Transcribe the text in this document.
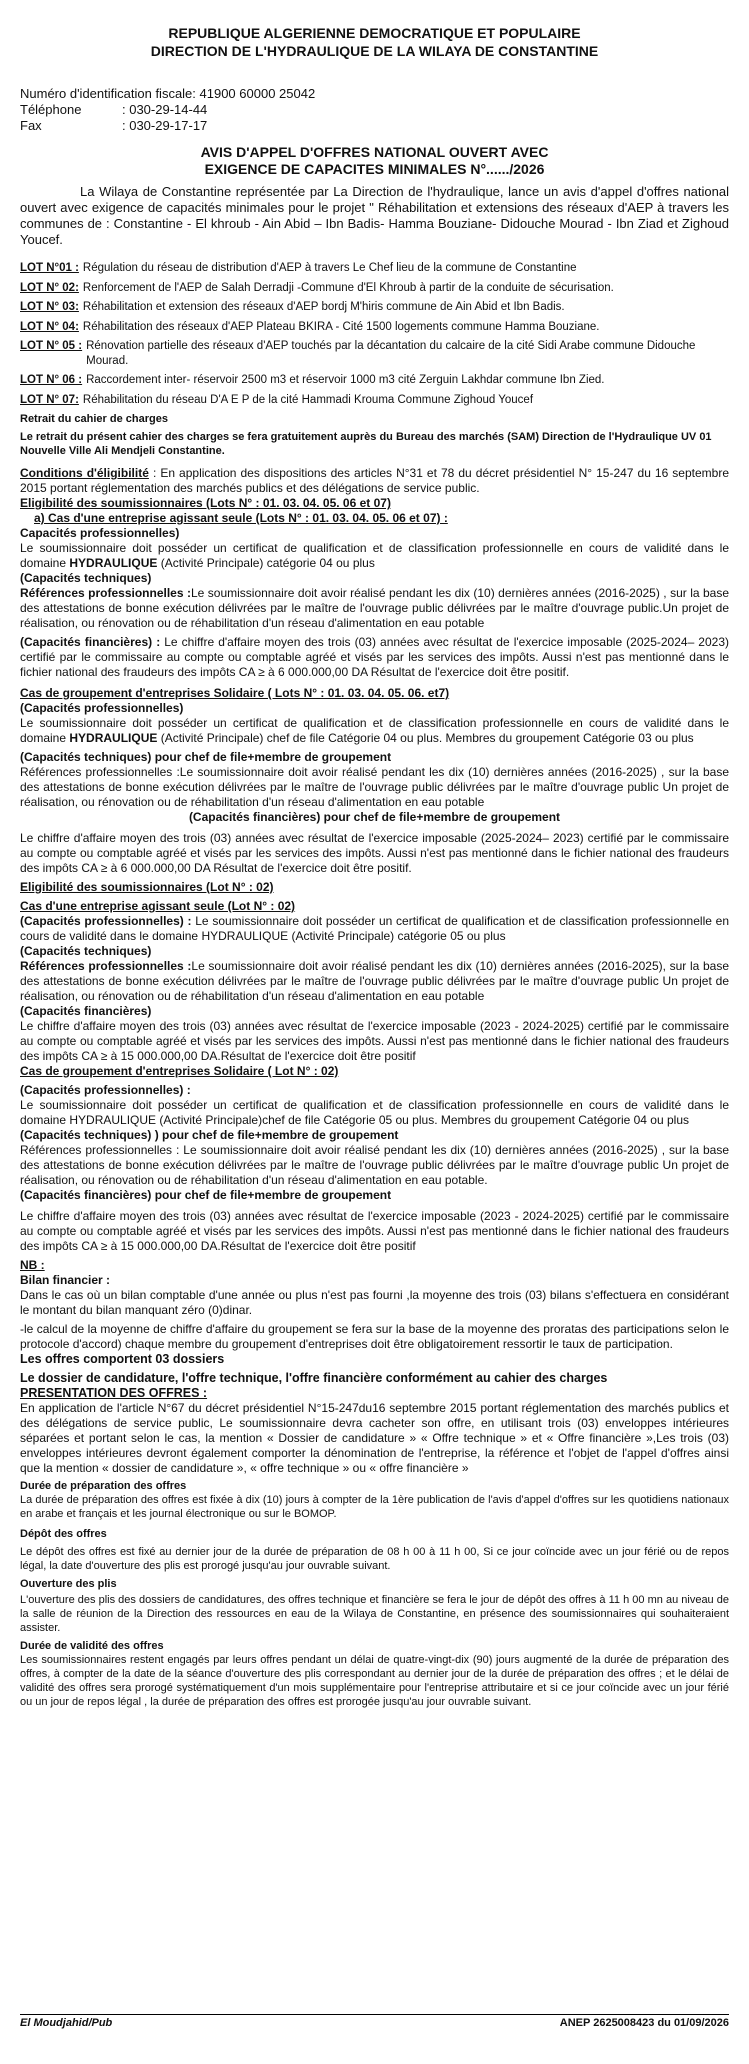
REPUBLIQUE ALGERIENNE DEMOCRATIQUE ET POPULAIRE
DIRECTION DE L'HYDRAULIQUE DE LA WILAYA DE CONSTANTINE
Numéro d'identification fiscale: 41900 60000 25042
Téléphone	: 030-29-14-44
Fax	: 030-29-17-17
AVIS D'APPEL D'OFFRES NATIONAL OUVERT AVEC
EXIGENCE DE CAPACITES MINIMALES N°....../2026

La Wilaya de Constantine représentée par La Direction de l'hydraulique, lance un avis d'appel d'offres national ouvert avec exigence de capacités minimales pour le projet " Réhabilitation et extensions des réseaux d'AEP à travers les communes de : Constantine - El khroub - Ain Abid – Ibn Badis- Hamma Bouziane- Didouche Mourad - Ibn Ziad et Zighoud Youcef.

LOT N°01 : Régulation du réseau de distribution d'AEP à travers Le Chef lieu de la commune de Constantine
LOT N° 02: Renforcement de l'AEP de Salah Derradji -Commune d'El Khroub à partir de la conduite de sécurisation.
LOT N° 03: Réhabilitation et extension des réseaux d'AEP bordj M'hiris commune de Ain Abid et Ibn Badis.
LOT N° 04: Réhabilitation des réseaux d'AEP Plateau BKIRA - Cité 1500 logements commune Hamma Bouziane.
LOT N° 05 : Rénovation partielle des réseaux d'AEP touchés par la décantation du calcaire de la cité Sidi Arabe commune Didouche Mourad.
LOT N° 06 : Raccordement inter- réservoir 2500 m3 et réservoir 1000 m3 cité Zerguin Lakhdar commune Ibn Zied.
LOT N° 07: Réhabilitation du réseau D'A E P de la cité Hammadi Krouma Commune Zighoud Youcef
Retrait du cahier de charges
Le retrait du présent cahier des charges se fera gratuitement auprès du Bureau des marchés (SAM) Direction de l'Hydraulique UV 01 Nouvelle Ville Ali Mendjeli Constantine.
Conditions d'éligibilité : En application des dispositions des articles N°31 et 78 du décret présidentiel N° 15-247 du 16 septembre 2015 portant réglementation des marchés publics et des délégations de service public.
Eligibilité des soumissionnaires (Lots N° : 01. 03. 04. 05. 06 et 07)
a) Cas d'une entreprise agissant seule (Lots N° : 01. 03. 04. 05. 06 et 07) :
Capacités professionnelles)
Le soumissionnaire doit posséder un certificat de qualification et de classification professionnelle en cours de validité dans le domaine HYDRAULIQUE (Activité Principale) catégorie 04 ou plus
(Capacités techniques)
Références professionnelles :Le soumissionnaire doit avoir réalisé pendant les dix (10) dernières années (2016-2025) , sur la base des attestations de bonne exécution délivrées par le maître de l'ouvrage public délivrées par le maître d'ouvrage public.Un projet de réalisation, ou rénovation ou de réhabilitation d'un réseau d'alimentation en eau potable
(Capacités financières) : Le chiffre d'affaire moyen des trois (03) années avec résultat de l'exercice imposable (2025-2024– 2023) certifié par le commissaire au compte ou comptable agréé et visés par les services des impôts. Aussi n'est pas mentionné dans le fichier national des fraudeurs des impôts CA ≥ à 6 000.000,00 DA Résultat de l'exercice doit être positif.
Cas de groupement d'entreprises Solidaire ( Lots N° : 01. 03. 04. 05. 06. et7)
(Capacités professionnelles)
Le soumissionnaire doit posséder un certificat de qualification et de classification professionnelle en cours de validité dans le domaine HYDRAULIQUE (Activité Principale) chef de file Catégorie 04 ou plus. Membres du groupement Catégorie 03 ou plus
(Capacités techniques) pour chef de file+membre de groupement
Références professionnelles :Le soumissionnaire doit avoir réalisé pendant les dix (10) dernières années (2016-2025) , sur la base des attestations de bonne exécution délivrées par le maître de l'ouvrage public délivrées par le maître d'ouvrage public Un projet de réalisation, ou rénovation ou de réhabilitation d'un réseau d'alimentation en eau potable
(Capacités financières) pour chef de file+membre de groupement
Le chiffre d'affaire moyen des trois (03) années avec résultat de l'exercice imposable (2025-2024– 2023) certifié par le commissaire au compte ou comptable agréé et visés par les services des impôts. Aussi n'est pas mentionné dans le fichier national des fraudeurs des impôts CA ≥ à 6 000.000,00 DA Résultat de l'exercice doit être positif.
Eligibilité des soumissionnaires (Lot N° : 02)
Cas d'une entreprise agissant seule (Lot N° : 02)
(Capacités professionnelles) : Le soumissionnaire doit posséder un certificat de qualification et de classification professionnelle en cours de validité dans le domaine HYDRAULIQUE (Activité Principale) catégorie 05 ou plus
(Capacités techniques)
Références professionnelles :Le soumissionnaire doit avoir réalisé pendant les dix (10) dernières années (2016-2025), sur la base des attestations de bonne exécution délivrées par le maître de l'ouvrage public délivrées par le maître d'ouvrage public Un projet de réalisation, ou rénovation ou de réhabilitation d'un réseau d'alimentation en eau potable
(Capacités financières)
Le chiffre d'affaire moyen des trois (03) années avec résultat de l'exercice imposable (2023 - 2024-2025) certifié par le commissaire au compte ou comptable agréé et visés par les services des impôts. Aussi n'est pas mentionné dans le fichier national des fraudeurs des impôts CA ≥ à 15 000.000,00 DA.Résultat de l'exercice doit être positif
Cas de groupement d'entreprises Solidaire ( Lot N° : 02)
(Capacités professionnelles) :
Le soumissionnaire doit posséder un certificat de qualification et de classification professionnelle en cours de validité dans le domaine HYDRAULIQUE (Activité Principale)chef de file Catégorie 05 ou plus. Membres du groupement Catégorie 04 ou plus
(Capacités techniques) ) pour chef de file+membre de groupement
Références professionnelles : Le soumissionnaire doit avoir réalisé pendant les dix (10) dernières années (2016-2025) , sur la base des attestations de bonne exécution délivrées par le maître de l'ouvrage public délivrées par le maître d'ouvrage public Un projet de réalisation, ou rénovation ou de réhabilitation d'un réseau d'alimentation en eau potable.
(Capacités financières) pour chef de file+membre de groupement
Le chiffre d'affaire moyen des trois (03) années avec résultat de l'exercice imposable (2023 - 2024-2025) certifié par le commissaire au compte ou comptable agréé et visés par les services des impôts. Aussi n'est pas mentionné dans le fichier national des fraudeurs des impôts CA ≥ à 15 000.000,00 DA.Résultat de l'exercice doit être positif
NB :
Bilan financier :
Dans le cas où un bilan comptable d'une année ou plus n'est pas fourni ,la moyenne des trois (03) bilans s'effectuera en considérant le montant du bilan manquant zéro (0)dinar.
-le calcul de la moyenne de chiffre d'affaire du groupement se fera sur la base de la moyenne des proratas des participations selon le protocole d'accord) chaque membre du groupement d'entreprises doit être obligatoirement ressortir le taux de participation.
Les offres comportent 03 dossiers
Le dossier de candidature, l'offre technique, l'offre financière conformément au cahier des charges
PRESENTATION DES OFFRES :
En application de l'article N°67 du décret présidentiel N°15-247du16 septembre 2015 portant réglementation des marchés publics et des délégations de service public, Le soumissionnaire devra cacheter son offre, en utilisant trois (03) enveloppes intérieures séparées et portant selon le cas, la mention « Dossier de candidature » « Offre technique » et « Offre financière »,Les trois (03) enveloppes intérieures devront également comporter la dénomination de l'entreprise, la référence et l'objet de l'appel d'offres ainsi que la mention « dossier de candidature », « offre technique » ou « offre financière »
Durée de préparation des offres
La durée de préparation des offres est fixée à dix (10) jours à compter de la 1ère publication de l'avis d'appel d'offres sur les quotidiens nationaux en arabe et français et les journal électronique ou sur le BOMOP.
Dépôt des offres
Le dépôt des offres est fixé au dernier jour de la durée de préparation de 08 h 00 à 11 h 00, Si ce jour coïncide avec un jour férié ou de repos légal, la date d'ouverture des plis est prorogé jusqu'au jour ouvrable suivant.
Ouverture des plis
L'ouverture des plis des dossiers de candidatures, des offres technique et financière se fera le jour de dépôt des offres à 11 h 00 mn au niveau de la salle de réunion de la Direction des ressources en eau de la Wilaya de Constantine, en présence des soumissionnaires qui souhaiteraient assister.
Durée de validité des offres
Les soumissionnaires restent engagés par leurs offres pendant un délai de quatre-vingt-dix (90) jours augmenté de la durée de préparation des offres, à compter de la date de la séance d'ouverture des plis correspondant au dernier jour de la durée de préparation des offres ; et le délai de validité des offres sera prorogé systématiquement d'un mois supplémentaire pour l'entreprise attributaire et si ce jour coïncide avec un jour férié ou un jour de repos légal , la durée de préparation des offres est prorogée jusqu'au jour ouvrable suivant.
El Moudjahid/Pub	ANEP 2625008423 du 01/09/2026
